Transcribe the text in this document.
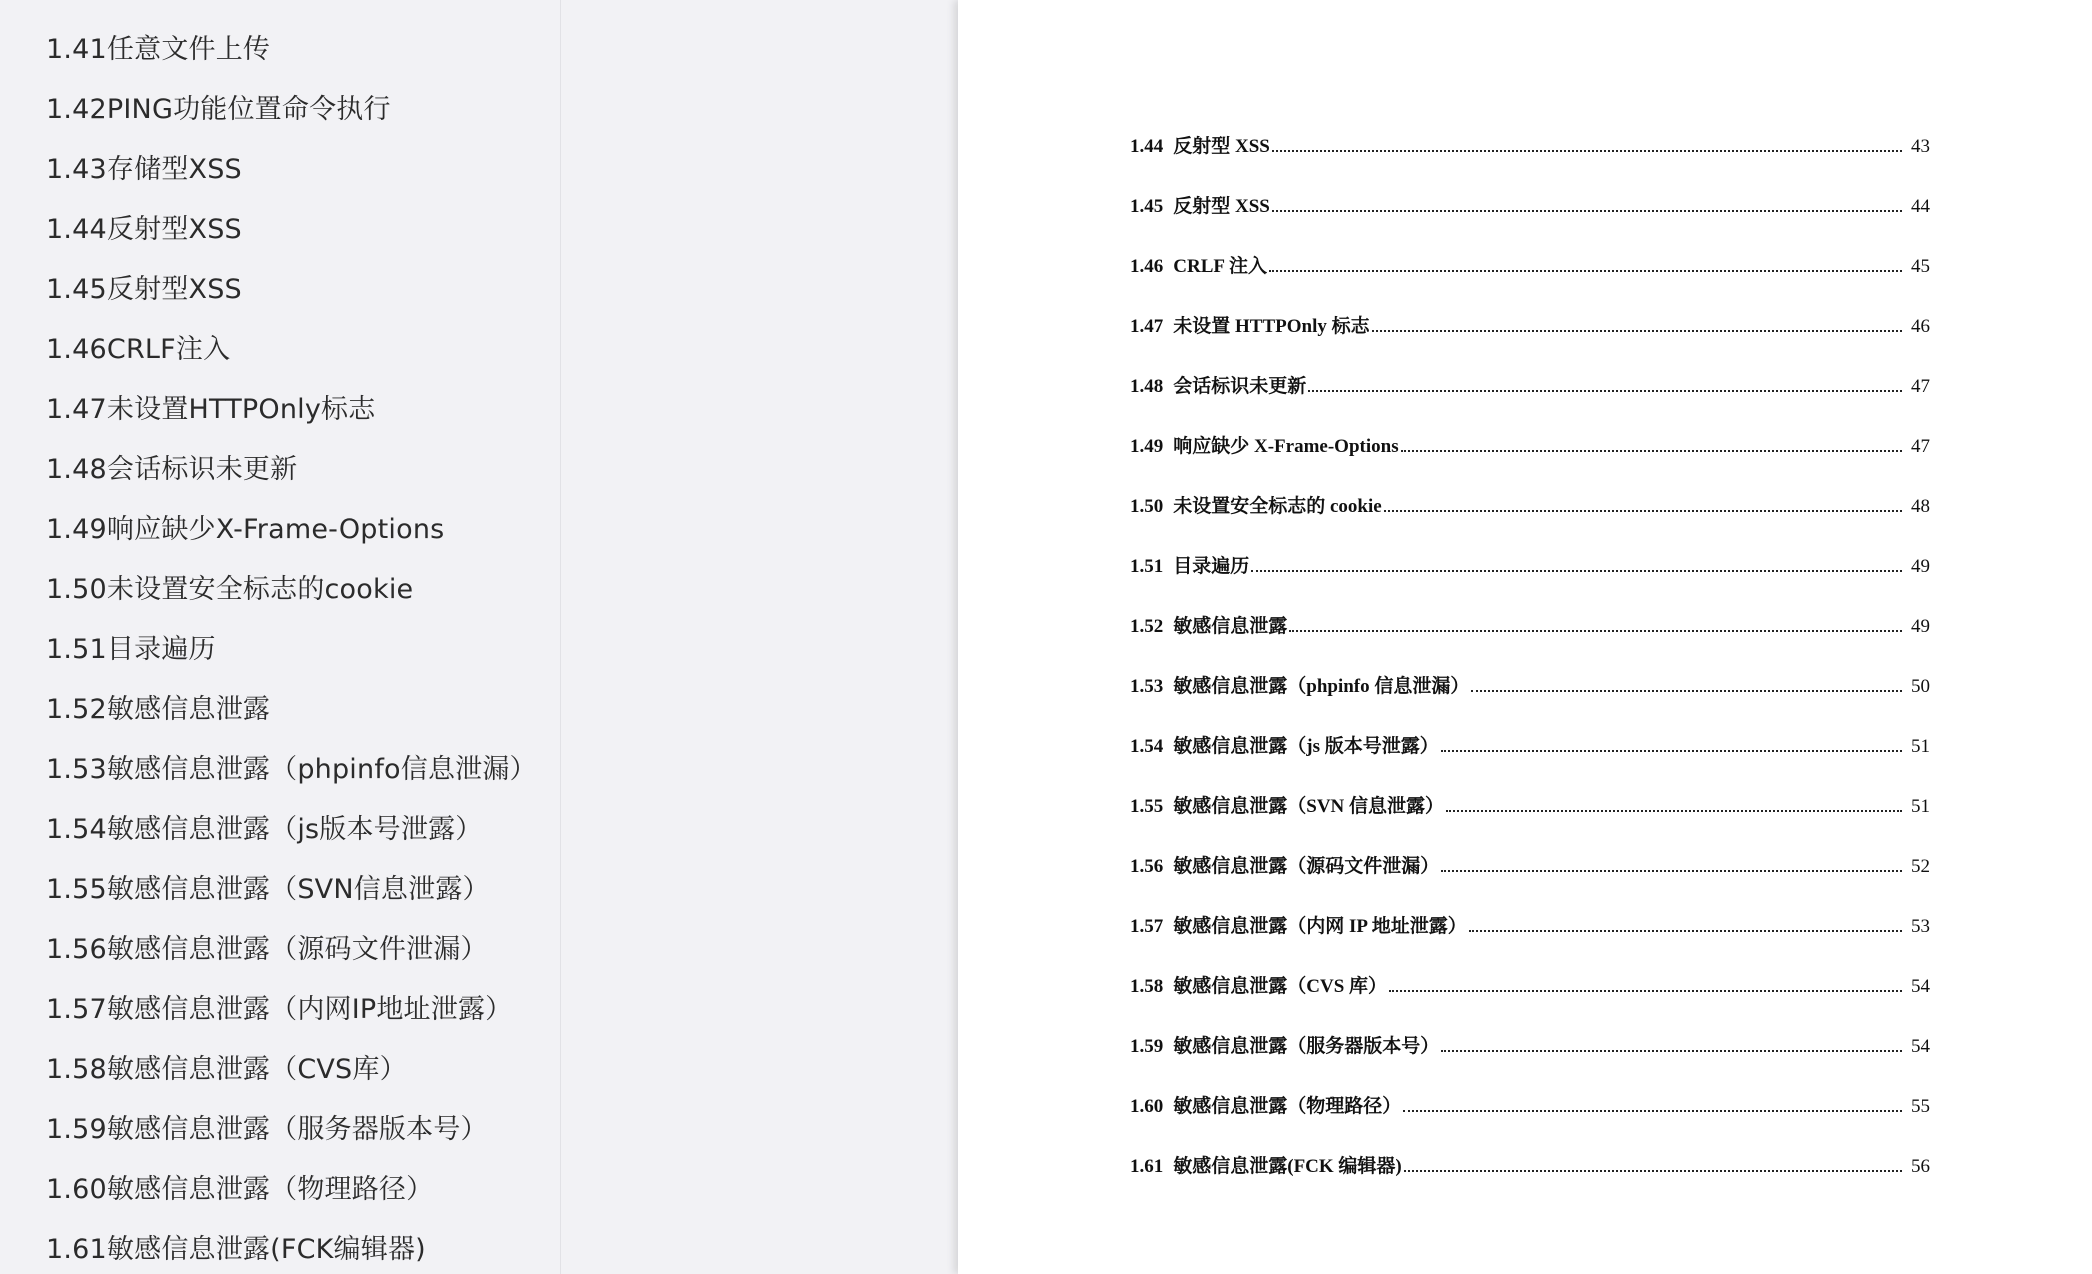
1.41任意文件上传
1.42PING功能位置命令执行
1.43存储型XSS
1.44反射型XSS
1.45反射型XSS
1.46CRLF注入
1.47未设置HTTPOnly标志
1.48会话标识未更新
1.49响应缺少X-Frame-Options
1.50未设置安全标志的cookie
1.51目录遍历
1.52敏感信息泄露
1.53敏感信息泄露（phpinfo信息泄漏）
1.54敏感信息泄露（js版本号泄露）
1.55敏感信息泄露（SVN信息泄露）
1.56敏感信息泄露（源码文件泄漏）
1.57敏感信息泄露（内网IP地址泄露）
1.58敏感信息泄露（CVS库）
1.59敏感信息泄露（服务器版本号）
1.60敏感信息泄露（物理路径）
1.61敏感信息泄露(FCK编辑器)
1.44 反射型 XSS	43
1.45 反射型 XSS	44
1.46 CRLF 注入	45
1.47 未设置 HTTPOnly 标志	46
1.48 会话标识未更新	47
1.49 响应缺少 X-Frame-Options	47
1.50 未设置安全标志的 cookie	48
1.51 目录遍历	49
1.52 敏感信息泄露	49
1.53 敏感信息泄露（phpinfo 信息泄漏）	50
1.54 敏感信息泄露（js 版本号泄露）	51
1.55 敏感信息泄露（SVN 信息泄露）	51
1.56 敏感信息泄露（源码文件泄漏）	52
1.57 敏感信息泄露（内网 IP 地址泄露）	53
1.58 敏感信息泄露（CVS 库）	54
1.59 敏感信息泄露（服务器版本号）	54
1.60 敏感信息泄露（物理路径）	55
1.61 敏感信息泄露(FCK 编辑器)	56
